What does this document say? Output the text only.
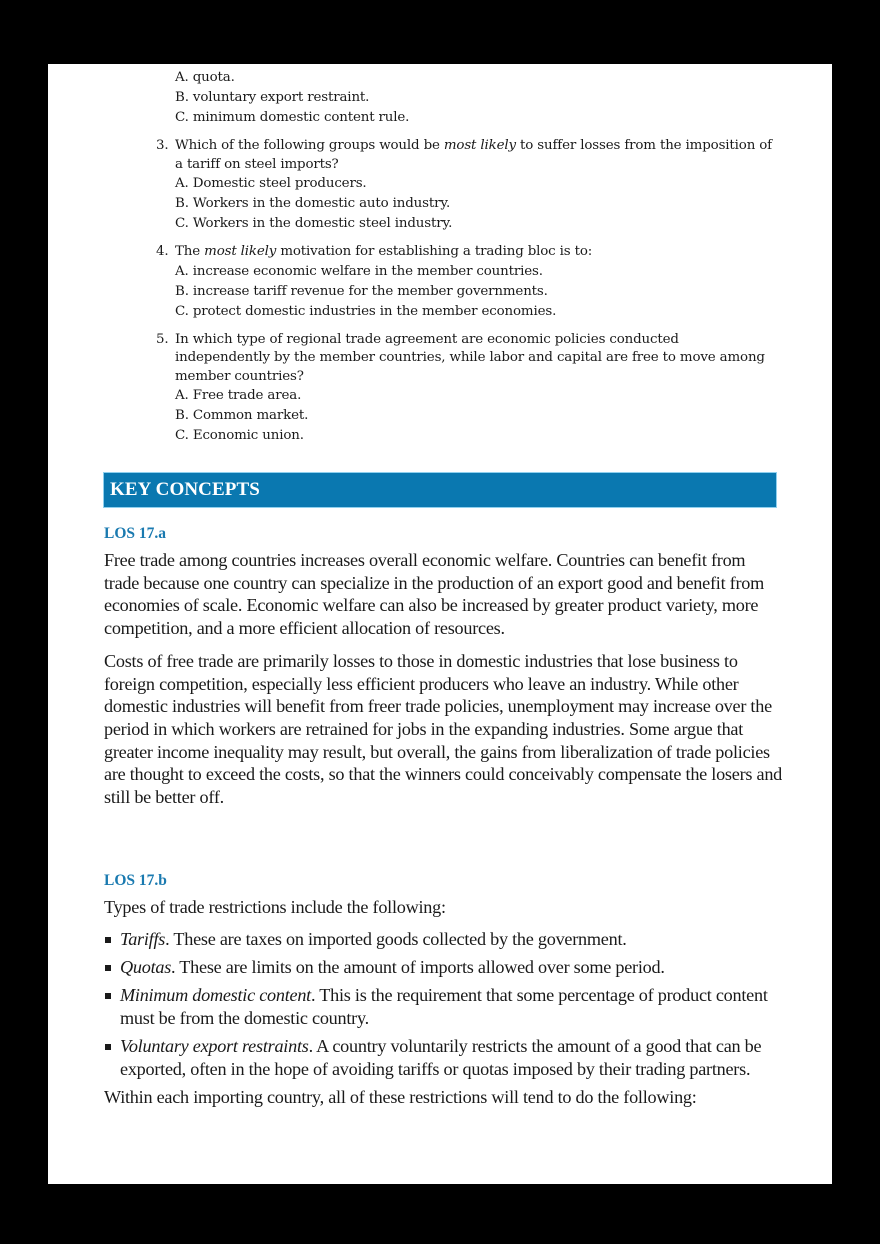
A. quota.
B. voluntary export restraint.
C. minimum domestic content rule.
3. Which of the following groups would be most likely to suffer losses from the imposition of a tariff on steel imports?
A. Domestic steel producers.
B. Workers in the domestic auto industry.
C. Workers in the domestic steel industry.
4. The most likely motivation for establishing a trading bloc is to:
A. increase economic welfare in the member countries.
B. increase tariff revenue for the member governments.
C. protect domestic industries in the member economies.
5. In which type of regional trade agreement are economic policies conducted independently by the member countries, while labor and capital are free to move among member countries?
A. Free trade area.
B. Common market.
C. Economic union.
KEY CONCEPTS
LOS 17.a

Free trade among countries increases overall economic welfare. Countries can benefit from trade because one country can specialize in the production of an export good and benefit from economies of scale. Economic welfare can also be increased by greater product variety, more competition, and a more efficient allocation of resources.

Costs of free trade are primarily losses to those in domestic industries that lose business to foreign competition, especially less efficient producers who leave an industry. While other domestic industries will benefit from freer trade policies, unemployment may increase over the period in which workers are retrained for jobs in the expanding industries. Some argue that greater income inequality may result, but overall, the gains from liberalization of trade policies are thought to exceed the costs, so that the winners could conceivably compensate the losers and still be better off.

LOS 17.b

Types of trade restrictions include the following:

Tariffs. These are taxes on imported goods collected by the government.
Quotas. These are limits on the amount of imports allowed over some period.
Minimum domestic content. This is the requirement that some percentage of product content must be from the domestic country.
Voluntary export restraints. A country voluntarily restricts the amount of a good that can be exported, often in the hope of avoiding tariffs or quotas imposed by their trading partners.

Within each importing country, all of these restrictions will tend to do the following:
